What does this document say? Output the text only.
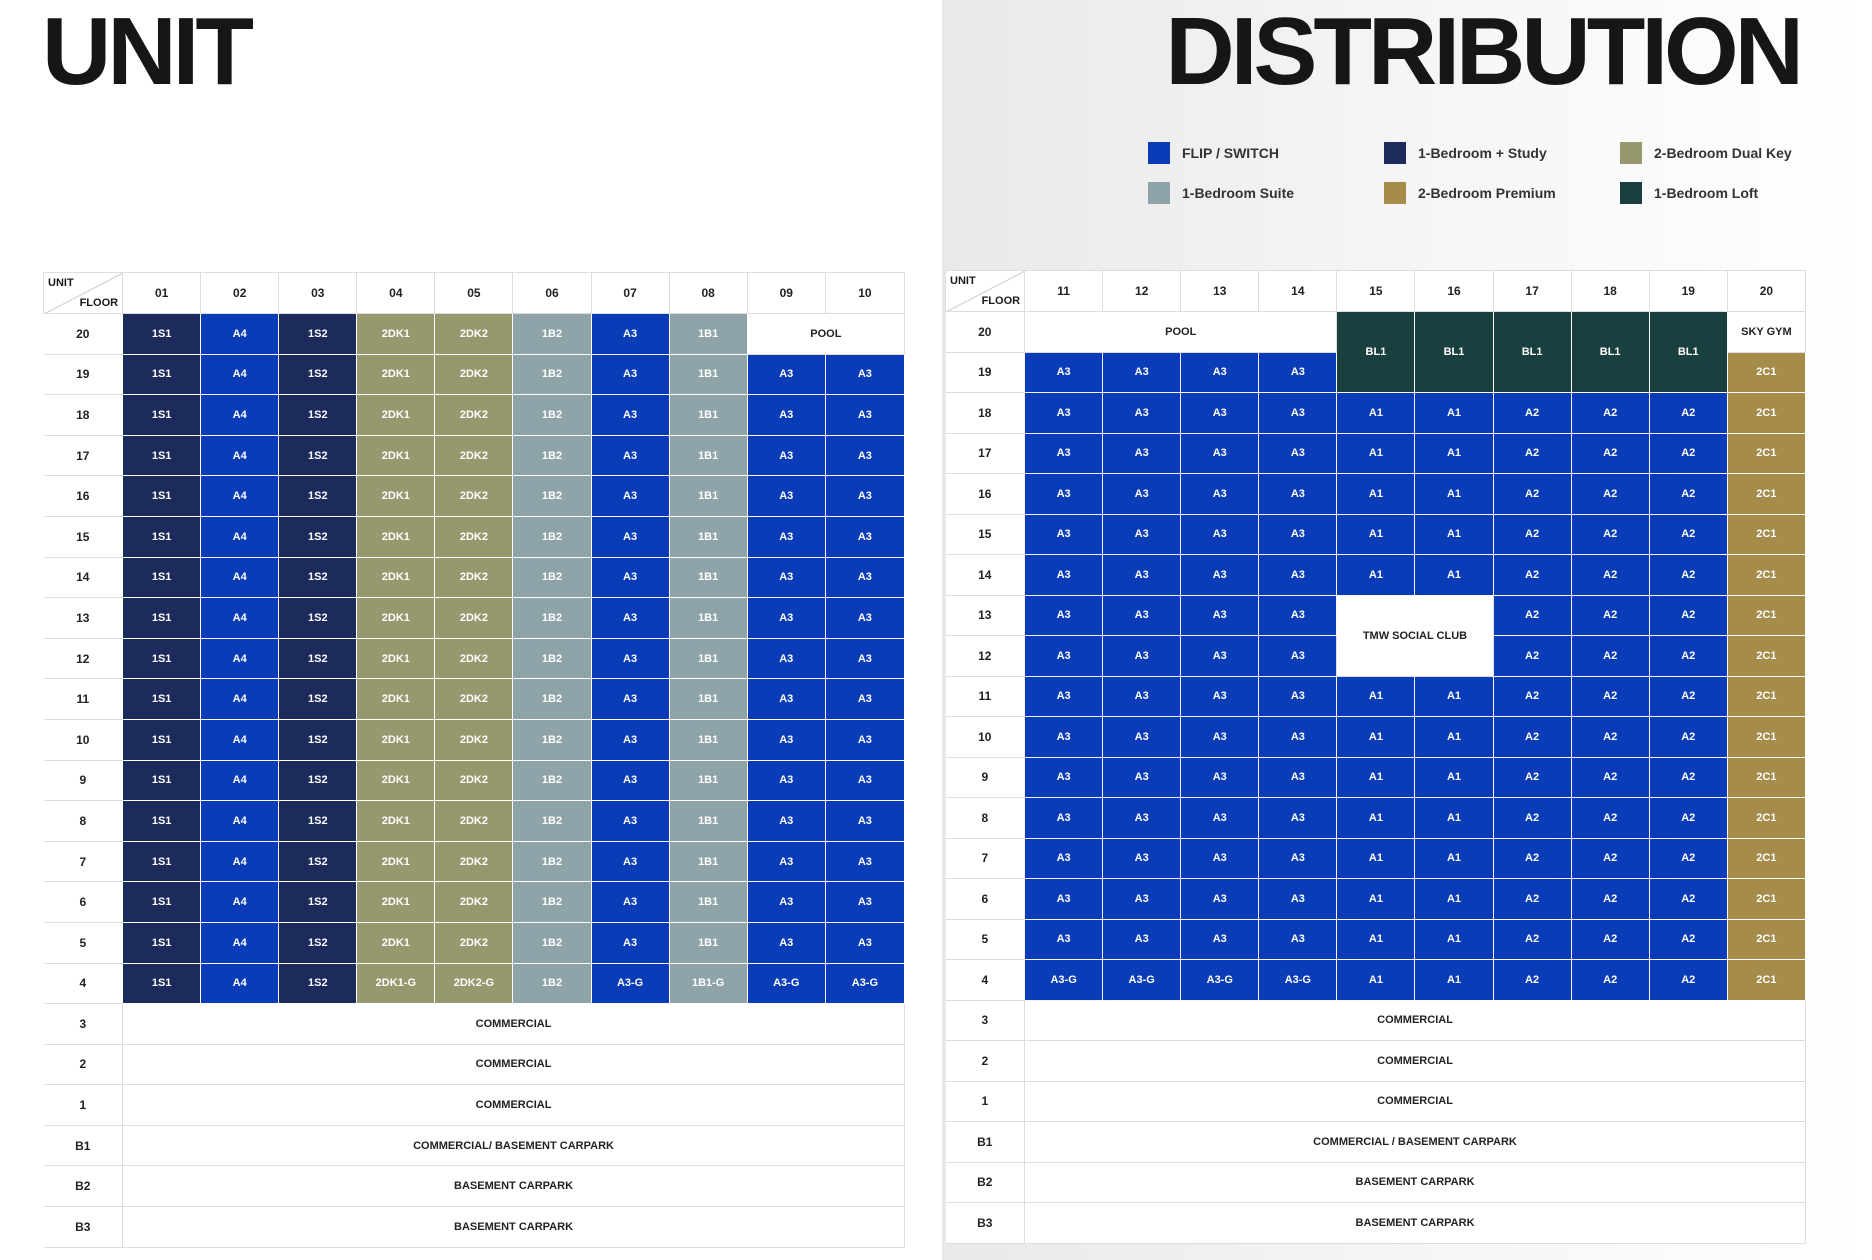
UNIT	DISTRIBUTION
FLIP / SWITCH	1-Bedroom + Study	2-Bedroom Dual Key
1-Bedroom Suite	2-Bedroom Premium	1-Bedroom Loft
UNIT
FLOOR	01	02	03	04	05	06	07	08	09	10
20	1S1	A4	1S2	2DK1	2DK2	1B2	A3	1B1	POOL	
19	1S1	A4	1S2	2DK1	2DK2	1B2	A3	1B1	A3	A3
18	1S1	A4	1S2	2DK1	2DK2	1B2	A3	1B1	A3	A3
17	1S1	A4	1S2	2DK1	2DK2	1B2	A3	1B1	A3	A3
16	1S1	A4	1S2	2DK1	2DK2	1B2	A3	1B1	A3	A3
15	1S1	A4	1S2	2DK1	2DK2	1B2	A3	1B1	A3	A3
14	1S1	A4	1S2	2DK1	2DK2	1B2	A3	1B1	A3	A3
13	1S1	A4	1S2	2DK1	2DK2	1B2	A3	1B1	A3	A3
12	1S1	A4	1S2	2DK1	2DK2	1B2	A3	1B1	A3	A3
11	1S1	A4	1S2	2DK1	2DK2	1B2	A3	1B1	A3	A3
10	1S1	A4	1S2	2DK1	2DK2	1B2	A3	1B1	A3	A3
9	1S1	A4	1S2	2DK1	2DK2	1B2	A3	1B1	A3	A3
8	1S1	A4	1S2	2DK1	2DK2	1B2	A3	1B1	A3	A3
7	1S1	A4	1S2	2DK1	2DK2	1B2	A3	1B1	A3	A3
6	1S1	A4	1S2	2DK1	2DK2	1B2	A3	1B1	A3	A3
5	1S1	A4	1S2	2DK1	2DK2	1B2	A3	1B1	A3	A3
4	1S1	A4	1S2	2DK1-G	2DK2-G	1B2	A3-G	1B1-G	A3-G	A3-G
3	COMMERCIAL									
2	COMMERCIAL									
1	COMMERCIAL									
B1	COMMERCIAL/ BASEMENT CARPARK									
B2	BASEMENT CARPARK									
B3	BASEMENT CARPARK									
UNIT
FLOOR	11	12	13	14	15	16	17	18	19	20
20	POOL				BL1	BL1	BL1	BL1	BL1	SKY GYM
19	A3	A3	A3	A3						2C1
18	A3	A3	A3	A3	A1	A1	A2	A2	A2	2C1
17	A3	A3	A3	A3	A1	A1	A2	A2	A2	2C1
16	A3	A3	A3	A3	A1	A1	A2	A2	A2	2C1
15	A3	A3	A3	A3	A1	A1	A2	A2	A2	2C1
14	A3	A3	A3	A3	A1	A1	A2	A2	A2	2C1
13	A3	A3	A3	A3	TMW SOCIAL CLUB		A2	A2	A2	2C1
12	A3	A3	A3	A3			A2	A2	A2	2C1
11	A3	A3	A3	A3	A1	A1	A2	A2	A2	2C1
10	A3	A3	A3	A3	A1	A1	A2	A2	A2	2C1
9	A3	A3	A3	A3	A1	A1	A2	A2	A2	2C1
8	A3	A3	A3	A3	A1	A1	A2	A2	A2	2C1
7	A3	A3	A3	A3	A1	A1	A2	A2	A2	2C1
6	A3	A3	A3	A3	A1	A1	A2	A2	A2	2C1
5	A3	A3	A3	A3	A1	A1	A2	A2	A2	2C1
4	A3-G	A3-G	A3-G	A3-G	A1	A1	A2	A2	A2	2C1
3	COMMERCIAL									
2	COMMERCIAL									
1	COMMERCIAL									
B1	COMMERCIAL / BASEMENT CARPARK									
B2	BASEMENT CARPARK									
B3	BASEMENT CARPARK									
